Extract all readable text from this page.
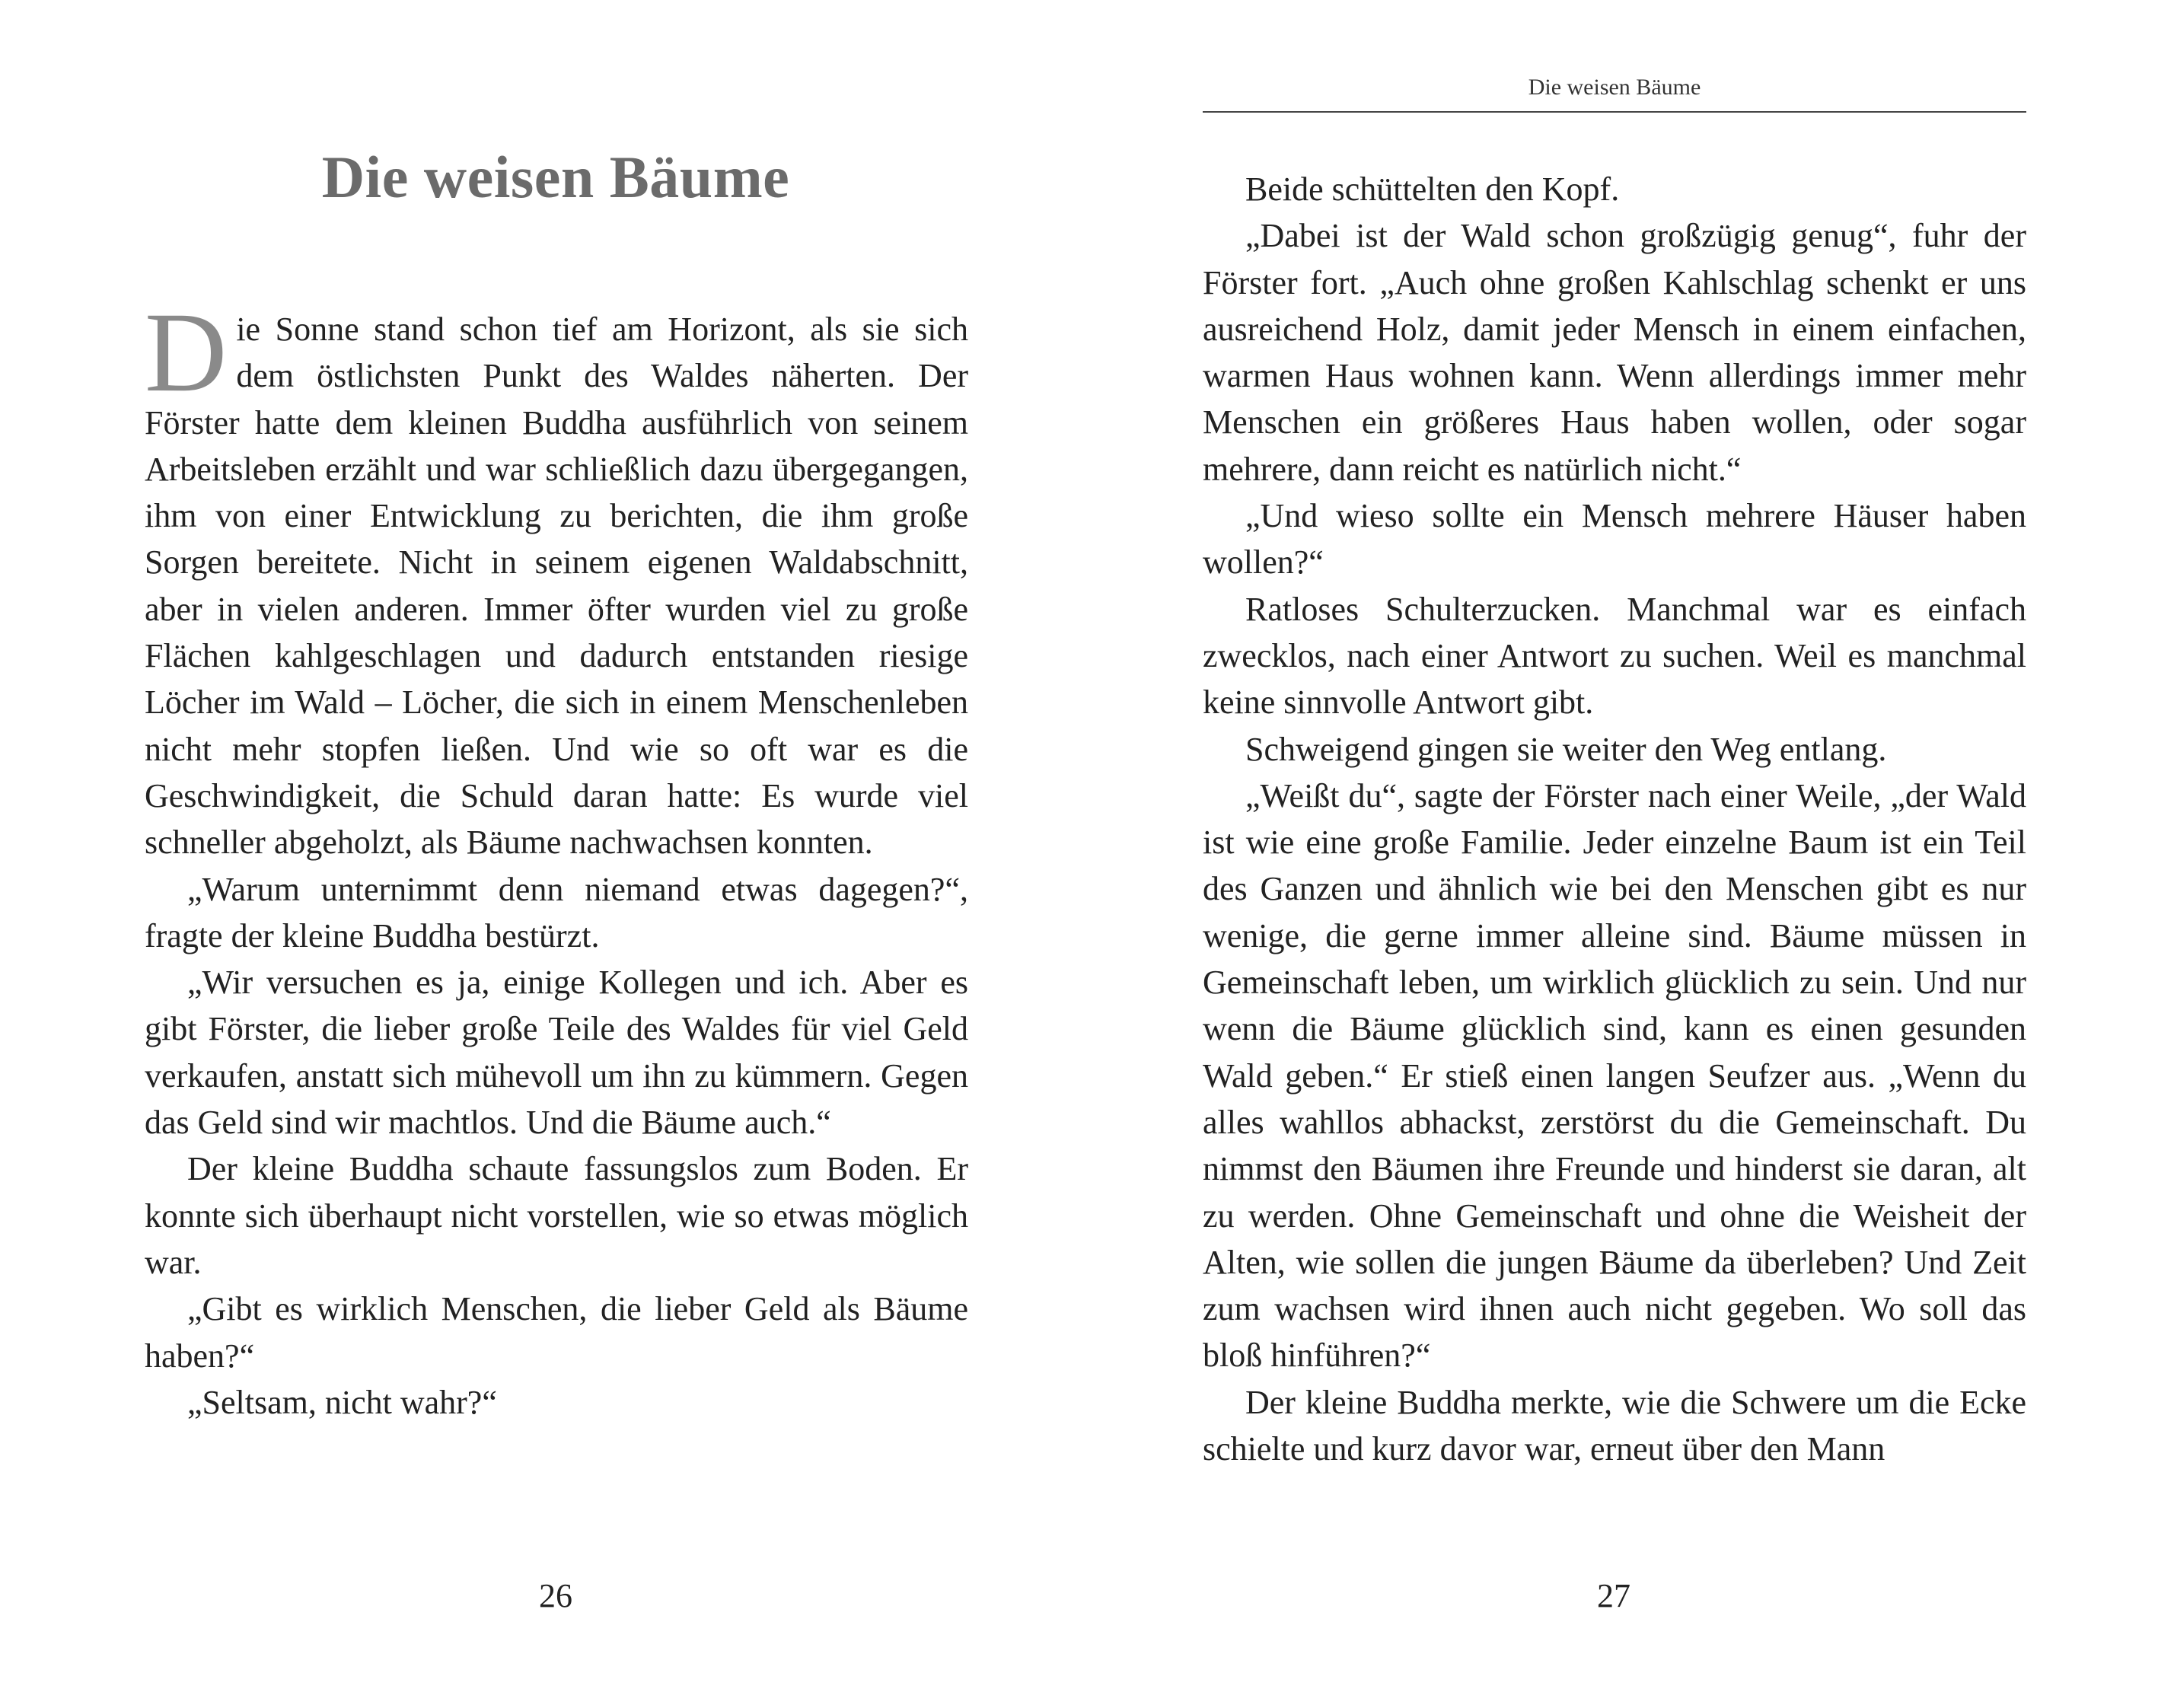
Die weisen Bäume

Die Sonne stand schon tief am Horizont, als sie sich dem östlichsten Punkt des Waldes näherten. Der Förster hatte dem kleinen Buddha ausführlich von seinem Arbeitsleben erzählt und war schließlich dazu übergegangen, ihm von einer Entwicklung zu berichten, die ihm große Sorgen bereitete. Nicht in seinem eigenen Waldabschnitt, aber in vielen anderen. Immer öfter wurden viel zu große Flächen kahlgeschlagen und dadurch entstanden riesige Löcher im Wald – Löcher, die sich in einem Menschenleben nicht mehr stopfen ließen. Und wie so oft war es die Geschwindigkeit, die Schuld daran hatte: Es wurde viel schneller abgeholzt, als Bäume nachwachsen konnten.

„Warum unternimmt denn niemand etwas dagegen?“, fragte der kleine Buddha bestürzt.

„Wir versuchen es ja, einige Kollegen und ich. Aber es gibt Förster, die lieber große Teile des Waldes für viel Geld verkaufen, anstatt sich mühevoll um ihn zu kümmern. Gegen das Geld sind wir machtlos. Und die Bäume auch.“

Der kleine Buddha schaute fassungslos zum Boden. Er konnte sich überhaupt nicht vorstellen, wie so etwas möglich war.

„Gibt es wirklich Menschen, die lieber Geld als Bäume haben?“

„Seltsam, nicht wahr?“

26
Die weisen Bäume

Beide schüttelten den Kopf.

„Dabei ist der Wald schon großzügig genug“, fuhr der Förster fort. „Auch ohne großen Kahlschlag schenkt er uns ausreichend Holz, damit jeder Mensch in einem einfachen, warmen Haus wohnen kann. Wenn allerdings immer mehr Menschen ein größeres Haus haben wollen, oder sogar mehrere, dann reicht es natürlich nicht.“

„Und wieso sollte ein Mensch mehrere Häuser haben wollen?“

Ratloses Schulterzucken. Manchmal war es einfach zwecklos, nach einer Antwort zu suchen. Weil es manchmal keine sinnvolle Antwort gibt.

Schweigend gingen sie weiter den Weg entlang.

„Weißt du“, sagte der Förster nach einer Weile, „der Wald ist wie eine große Familie. Jeder einzelne Baum ist ein Teil des Ganzen und ähnlich wie bei den Menschen gibt es nur wenige, die gerne immer alleine sind. Bäume müssen in Gemeinschaft leben, um wirklich glücklich zu sein. Und nur wenn die Bäume glücklich sind, kann es einen gesunden Wald geben.“ Er stieß einen langen Seufzer aus. „Wenn du alles wahllos abhackst, zerstörst du die Gemeinschaft. Du nimmst den Bäumen ihre Freunde und hinderst sie daran, alt zu werden. Ohne Gemeinschaft und ohne die Weisheit der Alten, wie sollen die jungen Bäume da überleben? Und Zeit zum wachsen wird ihnen auch nicht gegeben. Wo soll das bloß hinführen?“

Der kleine Buddha merkte, wie die Schwere um die Ecke schielte und kurz davor war, erneut über den Mann

27
